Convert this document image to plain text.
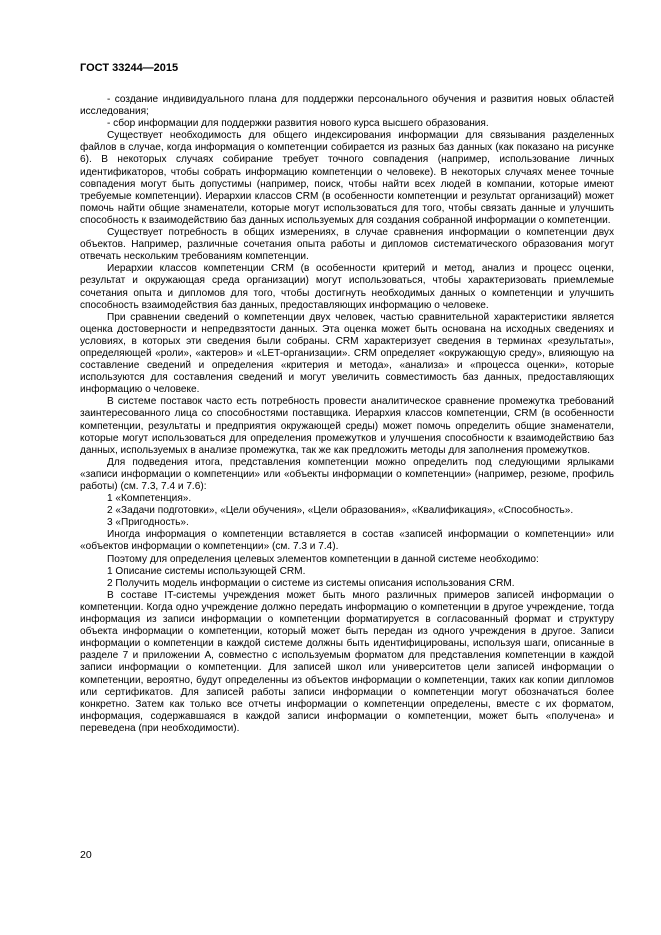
ГОСТ 33244—2015

- создание индивидуального плана для поддержки персонального обучения и развития новых областей исследования;

- сбор информации для поддержки развития нового курса высшего образования.

Существует необходимость для общего индексирования информации для связывания разделенных файлов в случае, когда информация о компетенции собирается из разных баз данных (как показано на рисунке 6). В некоторых случаях собирание требует точного совпадения (например, использование личных идентификаторов, чтобы собрать информацию компетенции о человеке). В некоторых случаях менее точные совпадения могут быть допустимы (например, поиск, чтобы найти всех людей в компании, которые имеют требуемые компетенции). Иерархии классов CRM (в особенности компетенции и результат организаций) может помочь найти общие знаменатели, которые могут использоваться для того, чтобы связать данные и улучшить способность к взаимодействию баз данных используемых для создания собранной информации о компетенции.

Существует потребность в общих измерениях, в случае сравнения информации о компетенции двух объектов. Например, различные сочетания опыта работы и дипломов систематического образования могут отвечать нескольким требованиям компетенции.

Иерархии классов компетенции CRM (в особенности критерий и метод, анализ и процесс оценки, результат и окружающая среда организации) могут использоваться, чтобы характеризовать приемлемые сочетания опыта и дипломов для того, чтобы достигнуть необходимых данных о компетенции и улучшить способность взаимодействия баз данных, предоставляющих информацию о человеке.

При сравнении сведений о компетенции двух человек, частью сравнительной характеристики является оценка достоверности и непредвзятости данных. Эта оценка может быть основана на исходных сведениях и условиях, в которых эти сведения были собраны. CRM характеризует сведения в терминах «результаты», определяющей «роли», «актеров» и «LET-организации». CRM определяет «окружающую среду», влияющую на составление сведений и определения «критерия и метода», «анализа» и «процесса оценки», которые используются для составления сведений и могут увеличить совместимость баз данных, предоставляющих информацию о человеке.

В системе поставок часто есть потребность провести аналитическое сравнение промежутка требований заинтересованного лица со способностями поставщика. Иерархия классов компетенции, CRM (в особенности компетенции, результаты и предприятия окружающей среды) может помочь определить общие знаменатели, которые могут использоваться для определения промежутков и улучшения способности к взаимодействию баз данных, используемых в анализе промежутка, так же как предложить методы для заполнения промежутков.

Для подведения итога, представления компетенции можно определить под следующими ярлыками «записи информации о компетенции» или «объекты информации о компетенции» (например, резюме, профиль работы) (см. 7.3, 7.4 и 7.6):

1 «Компетенция».

2 «Задачи подготовки», «Цели обучения», «Цели образования», «Квалификация», «Способность».

3 «Пригодность».

Иногда информация о компетенции вставляется в состав «записей информации о компетенции» или «объектов информации о компетенции» (см. 7.3 и 7.4).

Поэтому для определения целевых элементов компетенции в данной системе необходимо:

1 Описание системы использующей CRM.

2 Получить модель информации о системе из системы описания использования CRM.

В составе IT-системы учреждения может быть много различных примеров записей информации о компетенции. Когда одно учреждение должно передать информацию о компетенции в другое учреждение, тогда информация из записи информации о компетенции форматируется в согласованный формат и структуру объекта информации о компетенции, который может быть передан из одного учреждения в другое. Записи информации о компетенции в каждой системе должны быть идентифицированы, используя шаги, описанные в разделе 7 и приложении А, совместно с используемым форматом для представления компетенции в каждой записи информации о компетенции. Для записей школ или университетов цели записей информации о компетенции, вероятно, будут определенны из объектов информации о компетенции, таких как копии дипломов или сертификатов. Для записей работы записи информации о компетенции могут обозначаться более конкретно. Затем как только все отчеты информации о компетенции определены, вместе с их форматом, информация, содержавшаяся в каждой записи информации о компетенции, может быть «получена» и переведена (при необходимости).

20
